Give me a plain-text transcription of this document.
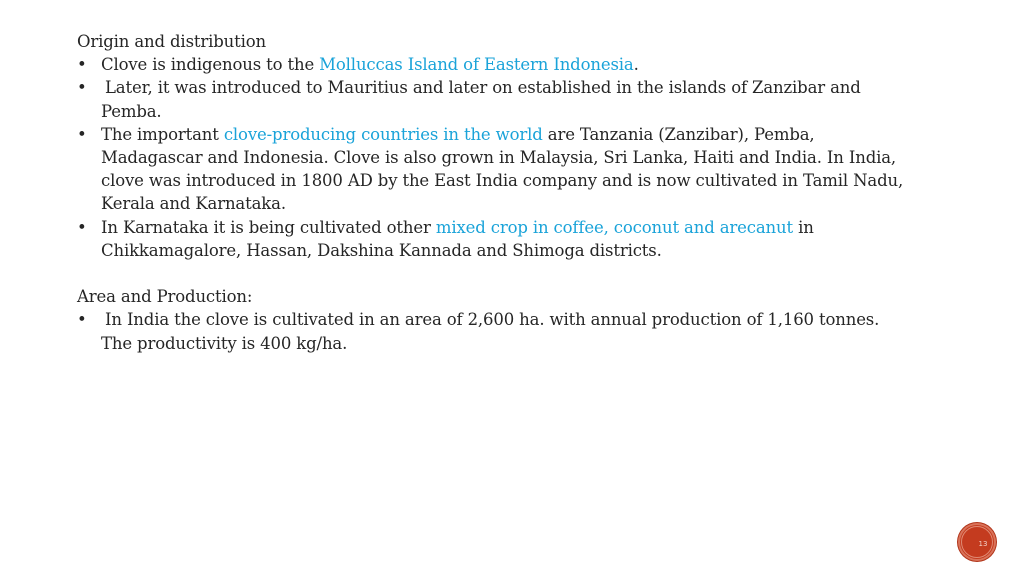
Origin and distribution

• Clove is indigenous to the Molluccas Island of Eastern Indonesia.
• Later, it was introduced to Mauritius and later on established in the islands of Zanzibar and Pemba.
• The important clove-producing countries in the world are Tanzania (Zanzibar), Pemba, Madagascar and Indonesia. Clove is also grown in Malaysia, Sri Lanka, Haiti and India. In India, clove was introduced in 1800 AD by the East India company and is now cultivated in Tamil Nadu, Kerala and Karnataka.
• In Karnataka it is being cultivated other mixed crop in coffee, coconut and arecanut in Chikkamagalore, Hassan, Dakshina Kannada and Shimoga districts.

Area and Production:

• In India the clove is cultivated in an area of 2,600 ha. with annual production of 1,160 tonnes. The productivity is 400 kg/ha.
13
